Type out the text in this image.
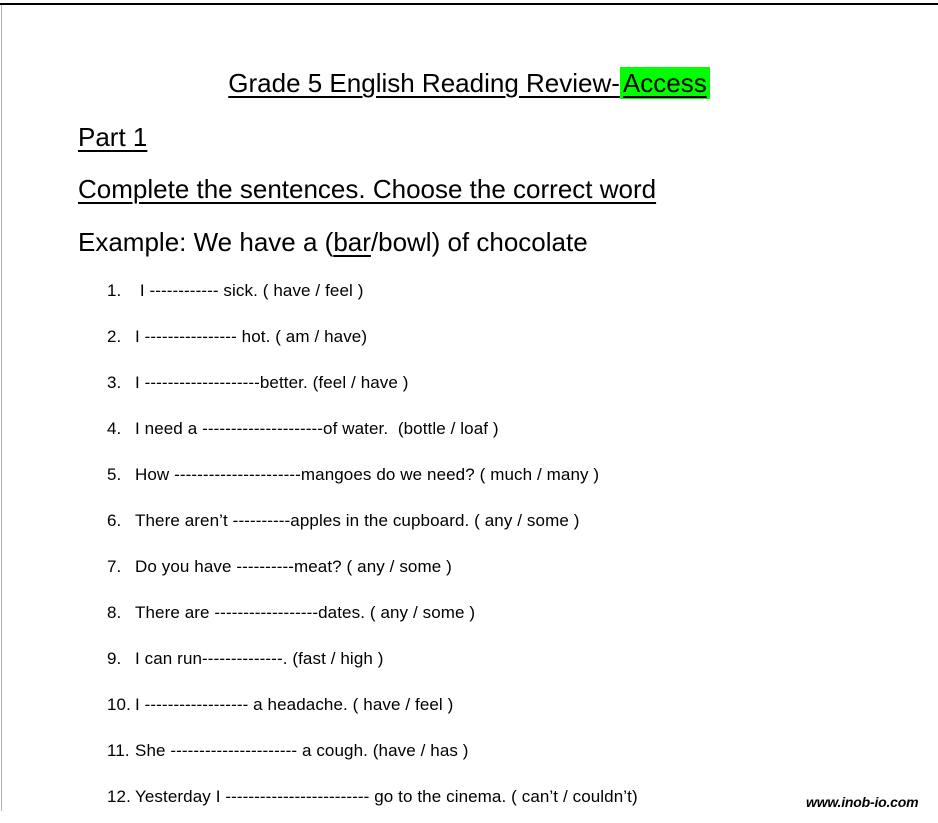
Grade 5 English Reading Review- Access
Part 1
Complete the sentences. Choose the correct word
Example: We have a (bar/bowl) of chocolate
1. I ------------ sick. ( have / feel )
2. I ---------------- hot. ( am / have)
3. I --------------------better. (feel / have )
4. I need a ---------------------of water.  (bottle / loaf )
5. How ----------------------mangoes do we need? ( much / many )
6. There aren’t ----------apples in the cupboard. ( any / some )
7. Do you have ----------meat? ( any / some )
8. There are ------------------dates. ( any / some )
9. I can run--------------. (fast / high )
10. I ------------------ a headache. ( have / feel )
11. She ---------------------- a cough. (have / has )
12. Yesterday I ------------------------- go to the cinema. ( can’t / couldn’t)	www.inob-io.com
